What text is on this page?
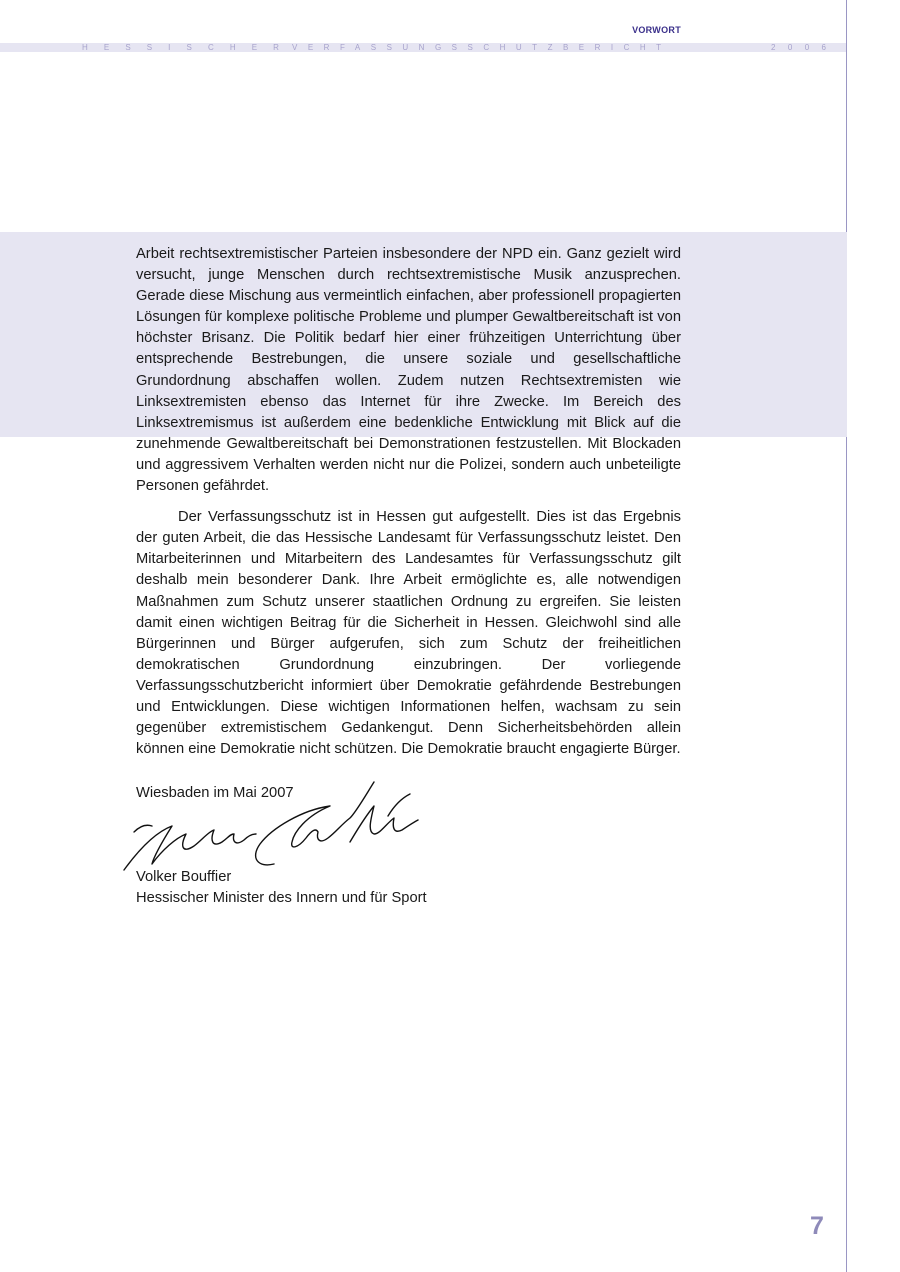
VORWORT
HESSISCHER
VERFASSUNGSSCHUTZBERICHT	2006

Arbeit rechtsextremistischer Parteien insbesondere der NPD ein. Ganz gezielt wird versucht, junge Menschen durch rechtsextremistische Musik anzusprechen. Gerade diese Mischung aus vermeintlich einfachen, aber professionell propagierten Lösungen für komplexe politische Probleme und plumper Gewaltbereitschaft ist von höchster Brisanz. Die Politik bedarf hier einer frühzeitigen Unterrichtung über entsprechende Bestrebungen, die unsere soziale und gesellschaftliche Grundordnung abschaffen wollen. Zudem nutzen Rechtsextremisten wie Linksextremisten ebenso das Internet für ihre Zwecke. Im Bereich des Linksextremismus ist außerdem eine bedenkliche Entwicklung mit Blick auf die zunehmende Gewaltbereitschaft bei Demonstrationen festzustellen. Mit Blockaden und aggressivem Verhalten werden nicht nur die Polizei, sondern auch unbeteiligte Personen gefährdet.

Der Verfassungsschutz ist in Hessen gut aufgestellt. Dies ist das Ergebnis der guten Arbeit, die das Hessische Landesamt für Verfassungsschutz leistet. Den Mitarbeiterinnen und Mitarbeitern des Landesamtes für Verfassungsschutz gilt deshalb mein besonderer Dank. Ihre Arbeit ermöglichte es, alle notwendigen Maßnahmen zum Schutz unserer staatlichen Ordnung zu ergreifen. Sie leisten damit einen wichtigen Beitrag für die Sicherheit in Hessen. Gleichwohl sind alle Bürgerinnen und Bürger aufgerufen, sich zum Schutz der freiheitlichen demokratischen Grundordnung einzubringen. Der vorliegende Verfassungsschutzbericht informiert über Demokratie gefährdende Bestrebungen und Entwicklungen. Diese wichtigen Informationen helfen, wachsam zu sein gegenüber extremistischem Gedankengut. Denn Sicherheitsbehörden allein können eine Demokratie nicht schützen. Die Demokratie braucht engagierte Bürger.

Wiesbaden im Mai 2007
Volker Bouffier
Hessischer Minister des Innern und für Sport
7
